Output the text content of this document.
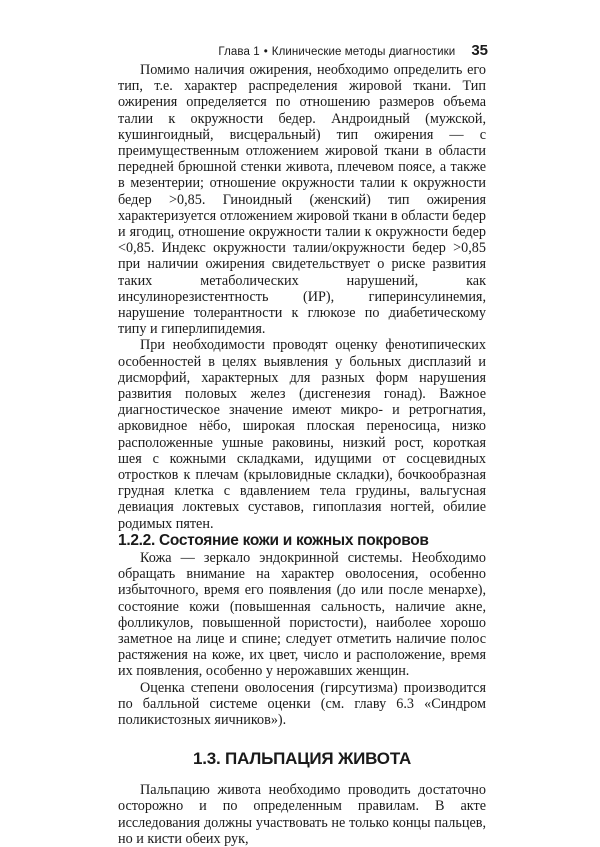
Глава 1 • Клинические методы диагностики 35

Помимо наличия ожирения, необходимо определить его тип, т.е. характер распределения жировой ткани. Тип ожирения определяется по отношению размеров объема талии к окружности бедер. Андроидный (мужской, кушингоидный, висцеральный) тип ожирения — с преимущественным отложением жировой ткани в области передней брюшной стенки живота, плечевом поясе, а также в мезентерии; отношение окружности талии к окружности бедер >0,85. Гиноидный (женский) тип ожирения характеризуется отложением жировой ткани в области бедер и ягодиц, отношение окружности талии к окружности бедер <0,85. Индекс окружности талии/окружности бедер >0,85 при наличии ожирения свидетельствует о риске развития таких метаболических нарушений, как инсулинорезистентность (ИР), гиперинсулинемия, нарушение толерантности к глюкозе по диабетическому типу и гиперлипидемия.

При необходимости проводят оценку фенотипических особенностей в целях выявления у больных дисплазий и дисморфий, характерных для разных форм нарушения развития половых желез (дисгенезия гонад). Важное диагностическое значение имеют микро- и ретрогнатия, арковидное нёбо, широкая плоская переносица, низко расположенные ушные раковины, низкий рост, короткая шея с кожными складками, идущими от сосцевидных отростков к плечам (крыловидные складки), бочкообразная грудная клетка с вдавлением тела грудины, вальгусная девиация локтевых суставов, гипоплазия ногтей, обилие родимых пятен.

1.2.2. Состояние кожи и кожных покровов

Кожа — зеркало эндокринной системы. Необходимо обращать внимание на характер оволосения, особенно избыточного, время его появления (до или после менархе), состояние кожи (повышенная сальность, наличие акне, фолликулов, повышенной пористости), наиболее хорошо заметное на лице и спине; следует отметить наличие полос растяжения на коже, их цвет, число и расположение, время их появления, особенно у нерожавших женщин.

Оценка степени оволосения (гирсутизма) производится по балльной системе оценки (см. главу 6.3 «Синдром поликистозных яичников»).

1.3. ПАЛЬПАЦИЯ ЖИВОТА

Пальпацию живота необходимо проводить достаточно осторожно и по определенным правилам. В акте исследования должны участвовать не только концы пальцев, но и кисти обеих рук,
